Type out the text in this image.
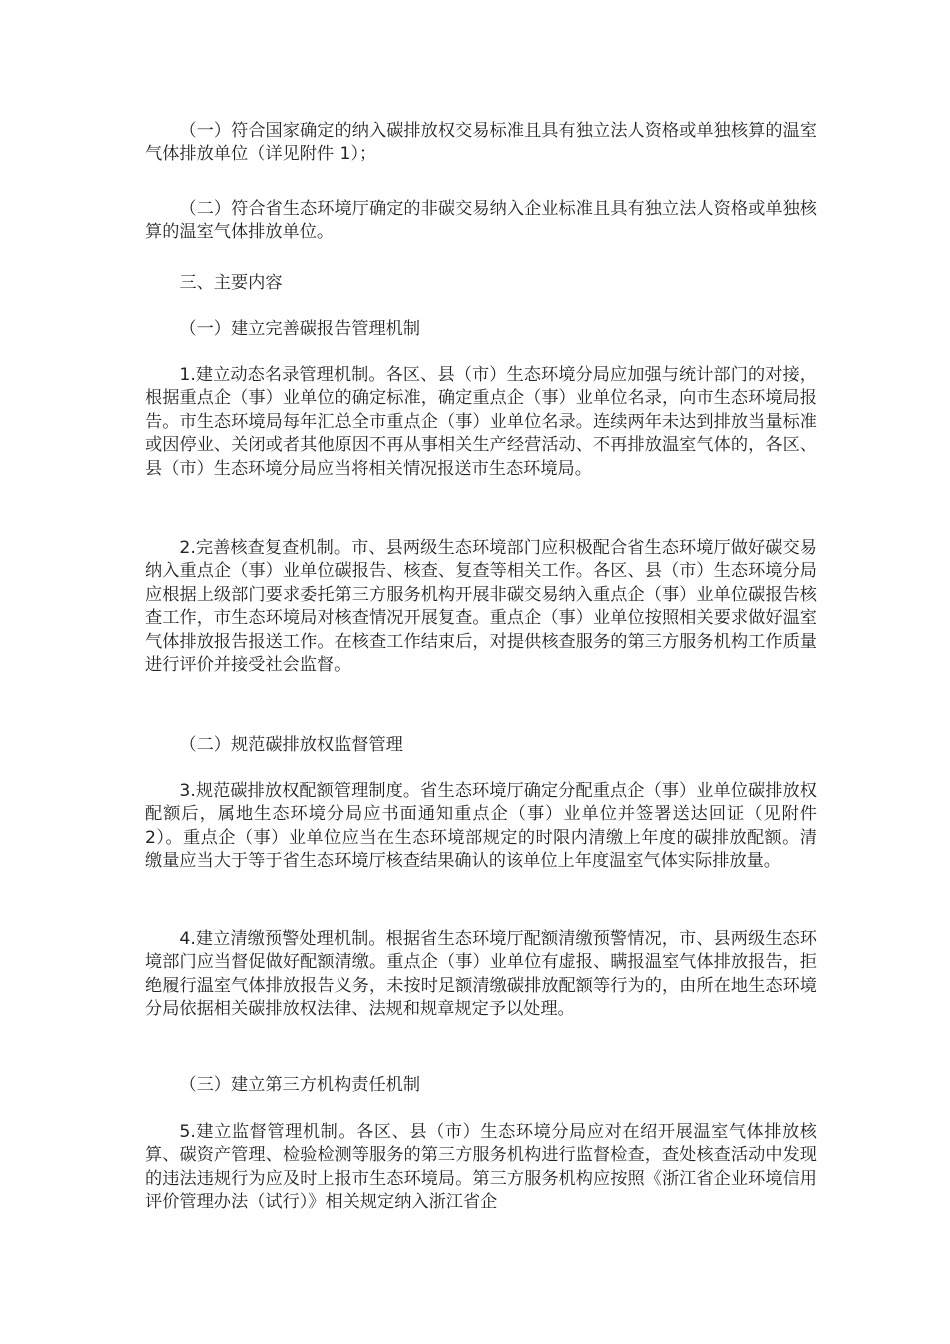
（一）符合国家确定的纳入碳排放权交易标准且具有独立法人资格或单独核算的温室气体排放单位（详见附件 1）；

（二）符合省生态环境厅确定的非碳交易纳入企业标准且具有独立法人资格或单独核算的温室气体排放单位。

三、主要内容

（一）建立完善碳报告管理机制

1.建立动态名录管理机制。各区、县（市）生态环境分局应加强与统计部门的对接，根据重点企（事）业单位的确定标准，确定重点企（事）业单位名录，向市生态环境局报告。市生态环境局每年汇总全市重点企（事）业单位名录。连续两年未达到排放当量标准或因停业、关闭或者其他原因不再从事相关生产经营活动、不再排放温室气体的，各区、县（市）生态环境分局应当将相关情况报送市生态环境局。

2.完善核查复查机制。市、县两级生态环境部门应积极配合省生态环境厅做好碳交易纳入重点企（事）业单位碳报告、核查、复查等相关工作。各区、县（市）生态环境分局应根据上级部门要求委托第三方服务机构开展非碳交易纳入重点企（事）业单位碳报告核查工作，市生态环境局对核查情况开展复查。重点企（事）业单位按照相关要求做好温室气体排放报告报送工作。在核查工作结束后，对提供核查服务的第三方服务机构工作质量进行评价并接受社会监督。

（二）规范碳排放权监督管理

3.规范碳排放权配额管理制度。省生态环境厅确定分配重点企（事）业单位碳排放权配额后，属地生态环境分局应书面通知重点企（事）业单位并签署送达回证（见附件 2）。重点企（事）业单位应当在生态环境部规定的时限内清缴上年度的碳排放配额。清缴量应当大于等于省生态环境厅核查结果确认的该单位上年度温室气体实际排放量。

4.建立清缴预警处理机制。根据省生态环境厅配额清缴预警情况，市、县两级生态环境部门应当督促做好配额清缴。重点企（事）业单位有虚报、瞒报温室气体排放报告，拒绝履行温室气体排放报告义务，未按时足额清缴碳排放配额等行为的，由所在地生态环境分局依据相关碳排放权法律、法规和规章规定予以处理。

（三）建立第三方机构责任机制

5.建立监督管理机制。各区、县（市）生态环境分局应对在绍开展温室气体排放核算、碳资产管理、检验检测等服务的第三方服务机构进行监督检查，查处核查活动中发现的违法违规行为应及时上报市生态环境局。第三方服务机构应按照《浙江省企业环境信用评价管理办法（试行）》相关规定纳入浙江省企
